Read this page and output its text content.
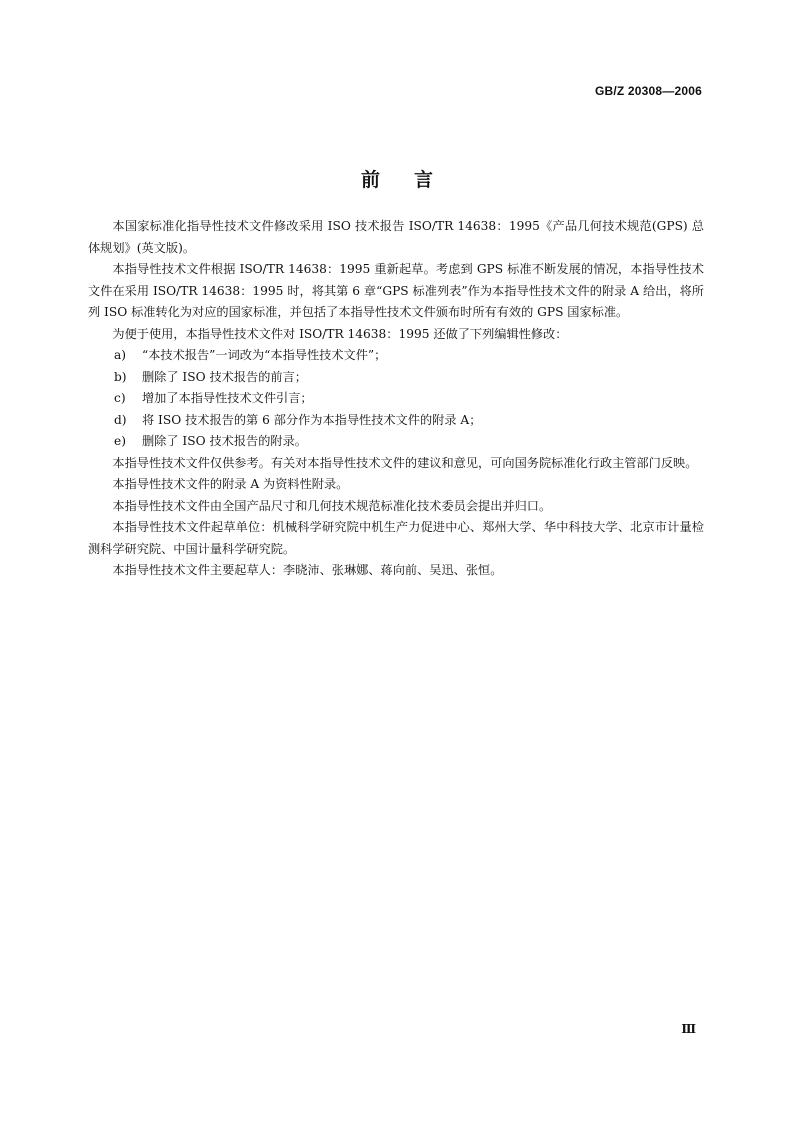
GB/Z 20308—2006
前言

本国家标准化指导性技术文件修改采用 ISO 技术报告 ISO/TR 14638：1995《产品几何技术规范(GPS) 总体规划》(英文版)。

本指导性技术文件根据 ISO/TR 14638：1995 重新起草。考虑到 GPS 标准不断发展的情况，本指导性技术文件在采用 ISO/TR 14638：1995 时，将其第 6 章“GPS 标准列表”作为本指导性技术文件的附录 A 给出，将所列 ISO 标准转化为对应的国家标准，并包括了本指导性技术文件颁布时所有有效的 GPS 国家标准。

为便于使用，本指导性技术文件对 ISO/TR 14638：1995 还做了下列编辑性修改：

a)	“本技术报告”一词改为“本指导性技术文件”；
b)	删除了 ISO 技术报告的前言；
c)	增加了本指导性技术文件引言；
d)	将 ISO 技术报告的第 6 部分作为本指导性技术文件的附录 A；
e)	删除了 ISO 技术报告的附录。

本指导性技术文件仅供参考。有关对本指导性技术文件的建议和意见，可向国务院标准化行政主管部门反映。

本指导性技术文件的附录 A 为资料性附录。

本指导性技术文件由全国产品尺寸和几何技术规范标准化技术委员会提出并归口。

本指导性技术文件起草单位：机械科学研究院中机生产力促进中心、郑州大学、华中科技大学、北京市计量检测科学研究院、中国计量科学研究院。

本指导性技术文件主要起草人：李晓沛、张琳娜、蒋向前、吴迅、张恒。

Ⅲ
